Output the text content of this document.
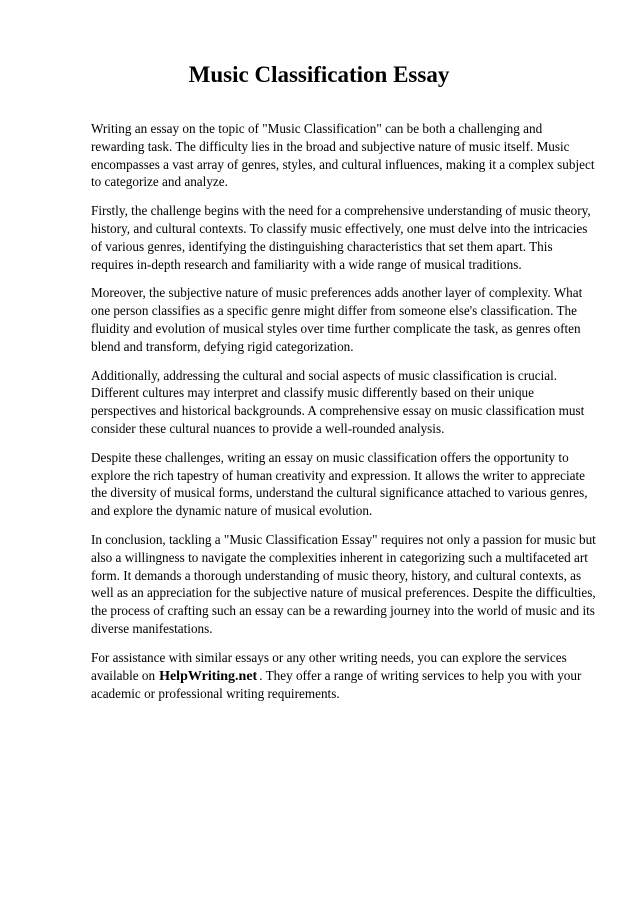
Music Classification Essay

Writing an essay on the topic of "Music Classification" can be both a challenging and rewarding task. The difficulty lies in the broad and subjective nature of music itself. Music encompasses a vast array of genres, styles, and cultural influences, making it a complex subject to categorize and analyze.

Firstly, the challenge begins with the need for a comprehensive understanding of music theory, history, and cultural contexts. To classify music effectively, one must delve into the intricacies of various genres, identifying the distinguishing characteristics that set them apart. This requires in-depth research and familiarity with a wide range of musical traditions.

Moreover, the subjective nature of music preferences adds another layer of complexity. What one person classifies as a specific genre might differ from someone else's classification. The fluidity and evolution of musical styles over time further complicate the task, as genres often blend and transform, defying rigid categorization.

Additionally, addressing the cultural and social aspects of music classification is crucial. Different cultures may interpret and classify music differently based on their unique perspectives and historical backgrounds. A comprehensive essay on music classification must consider these cultural nuances to provide a well-rounded analysis.

Despite these challenges, writing an essay on music classification offers the opportunity to explore the rich tapestry of human creativity and expression. It allows the writer to appreciate the diversity of musical forms, understand the cultural significance attached to various genres, and explore the dynamic nature of musical evolution.

In conclusion, tackling a "Music Classification Essay" requires not only a passion for music but also a willingness to navigate the complexities inherent in categorizing such a multifaceted art form. It demands a thorough understanding of music theory, history, and cultural contexts, as well as an appreciation for the subjective nature of musical preferences. Despite the difficulties, the process of crafting such an essay can be a rewarding journey into the world of music and its diverse manifestations.

For assistance with similar essays or any other writing needs, you can explore the services available on HelpWriting.net . They offer a range of writing services to help you with your academic or professional writing requirements.
